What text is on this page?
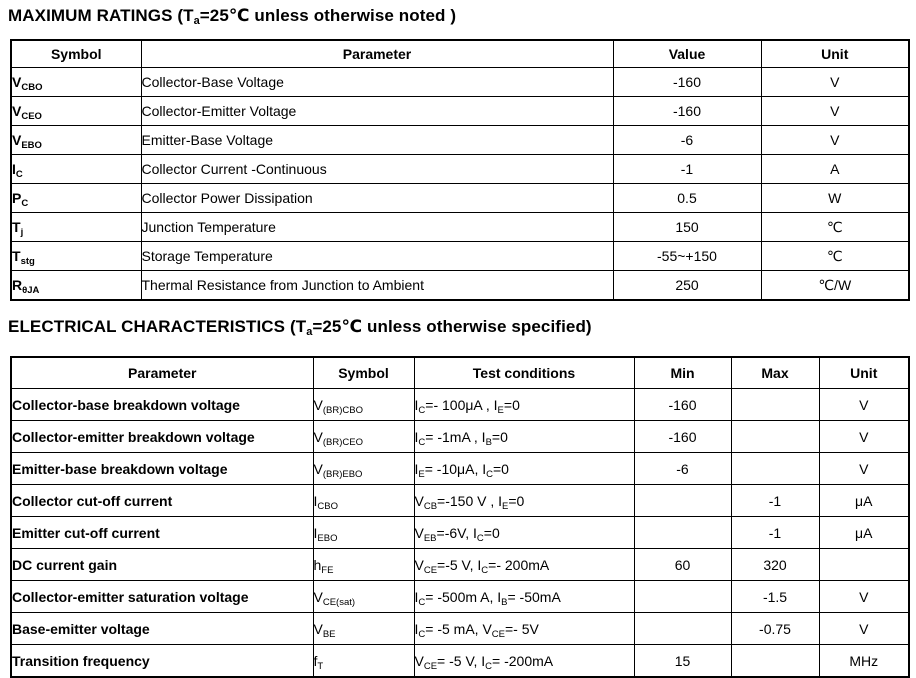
MAXIMUM RATINGS ($T_a=25℃$ unless otherwise noted )
Symbol	Parameter	Value	Unit
$V_{CBO}$	Collector-Base Voltage	-160	V
$V_{CEO}$	Collector-Emitter Voltage	-160	V
$V_{EBO}$	Emitter-Base Voltage	-6	V
$I_C$	Collector Current -Continuous	-1	A
$P_C$	Collector Power Dissipation	0.5	W
$T_j$	Junction Temperature	150	℃
$T_{stg}$	Storage Temperature	-55~+150	℃
$R_{\theta JA}$	Thermal Resistance from Junction to Ambient	250	℃/W
ELECTRICAL CHARACTERISTICS ($T_a=25℃$ unless otherwise specified)
Parameter	Symbol	Test conditions	Min	Max	Unit
Collector-base breakdown voltage	$V_{(BR)CBO}$	$I_C=-$ 100μA , $I_E=0$	-160		V
Collector-emitter breakdown voltage	$V_{(BR)CEO}$	$I_C= -1mA$ , $I_B=0$	-160		V
Emitter-base breakdown voltage	$V_{(BR)EBO}$	$I_E= -10\mu A$, $I_C=0$	-6		V
Collector cut-off current	$I_{CBO}$	$V_{CB}=-150$ V , $I_E=0$		-1	μA
Emitter cut-off current	$I_{EBO}$	$V_{EB}=-6V$, $I_C=0$		-1	μA
DC current gain	$h_{FE}$	$V_{CE}=-5$ V, $I_C=-$ 200mA	60	320	
Collector-emitter saturation voltage	$V_{CE(sat)}$	$I_C= -500m$ A, $I_B= -50mA$		-1.5	V
Base-emitter voltage	$V_{BE}$	$I_C= -5$ mA, $V_{CE}=-$ 5V		-0.75	V
Transition frequency	$f_T$	$V_{CE}= -5$ V, $I_C= -200mA$	15		MHz
